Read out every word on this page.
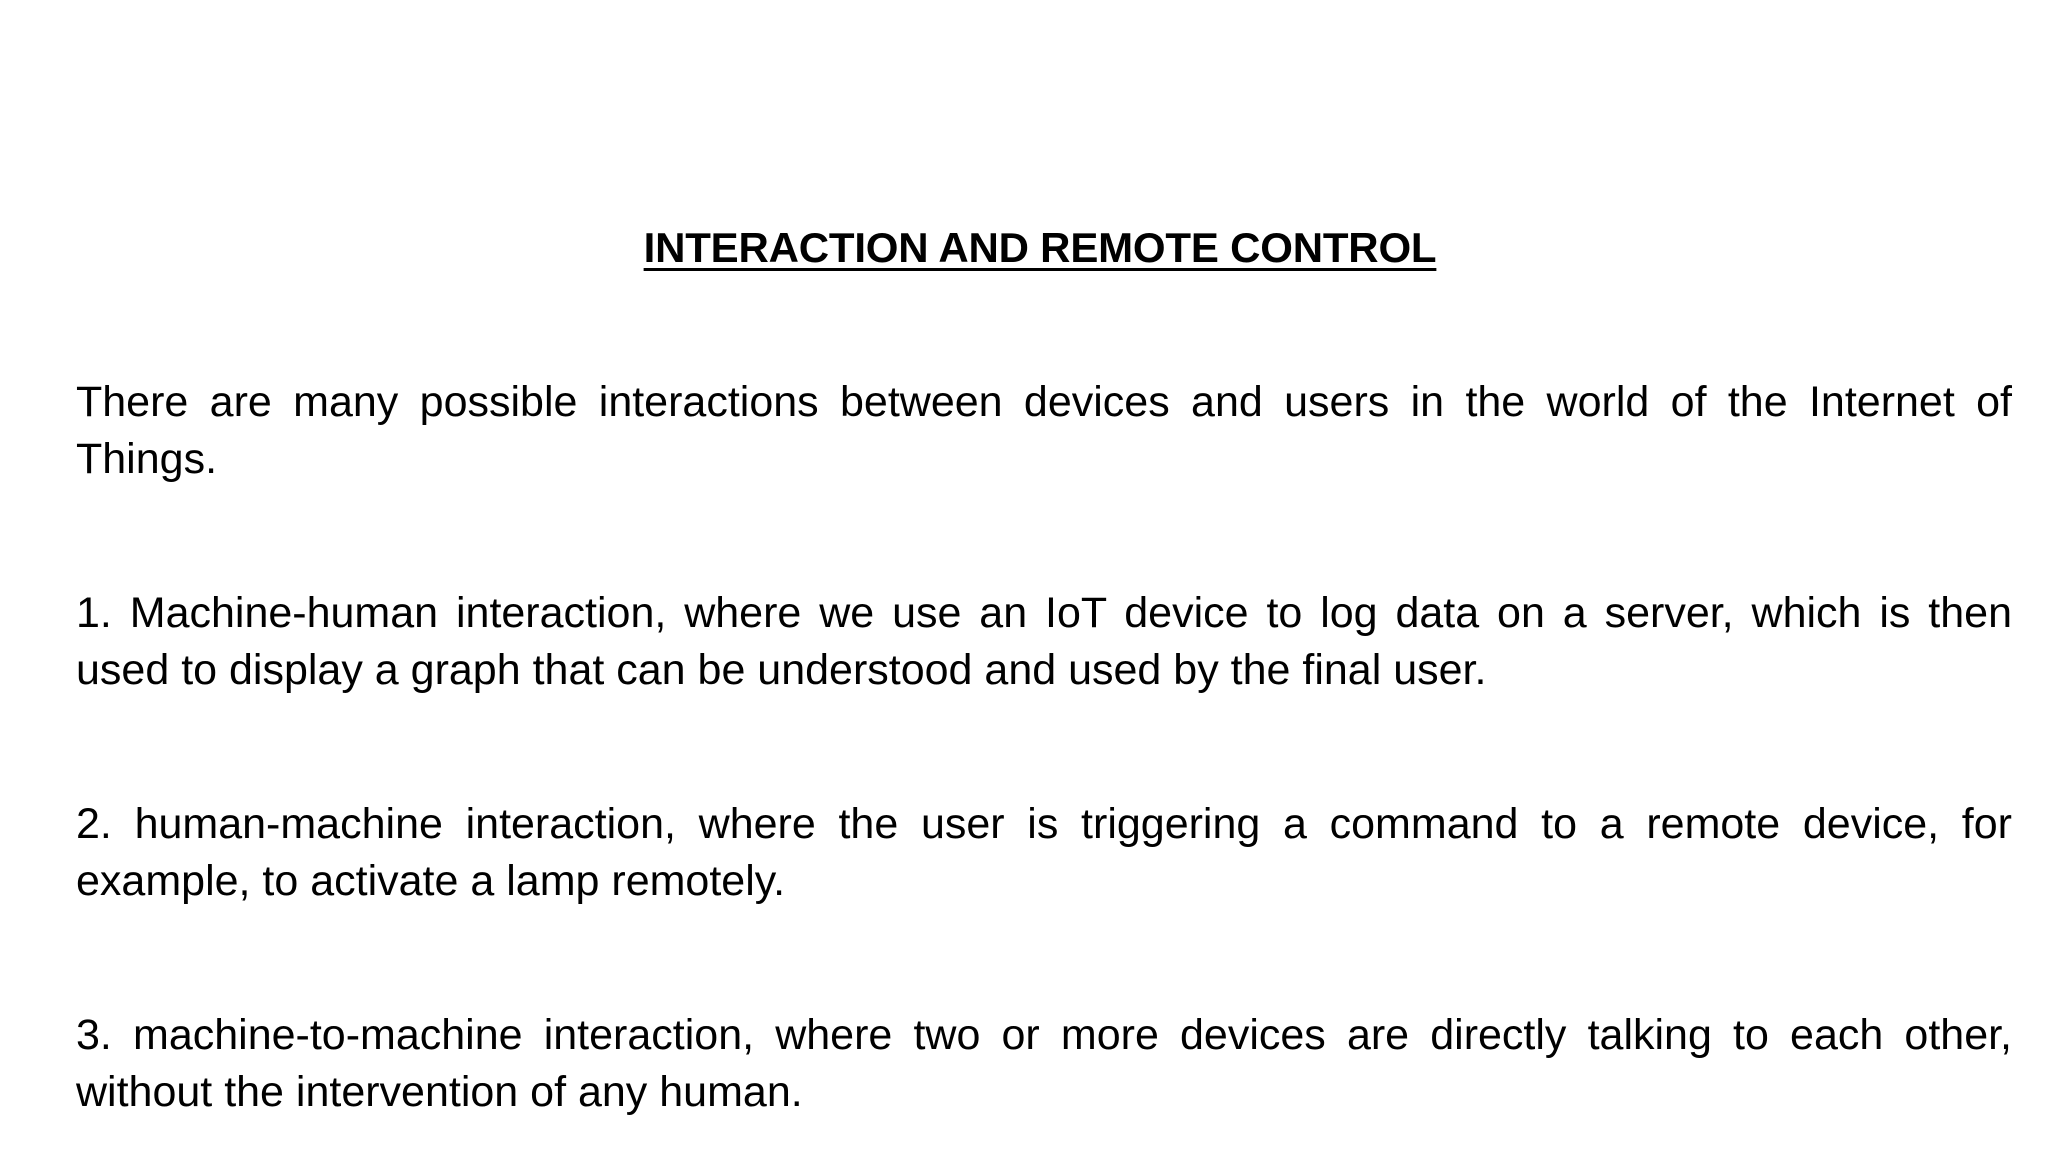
INTERACTION AND REMOTE CONTROL

There are many possible interactions between devices and users in the world of the Internet of Things.

1. Machine-human interaction, where we use an IoT device to log data on a server, which is then used to display a graph that can be understood and used by the final user.

2. human-machine interaction, where the user is triggering a command to a remote device, for example, to activate a lamp remotely.

3. machine-to-machine interaction, where two or more devices are directly talking to each other, without the intervention of any human.
